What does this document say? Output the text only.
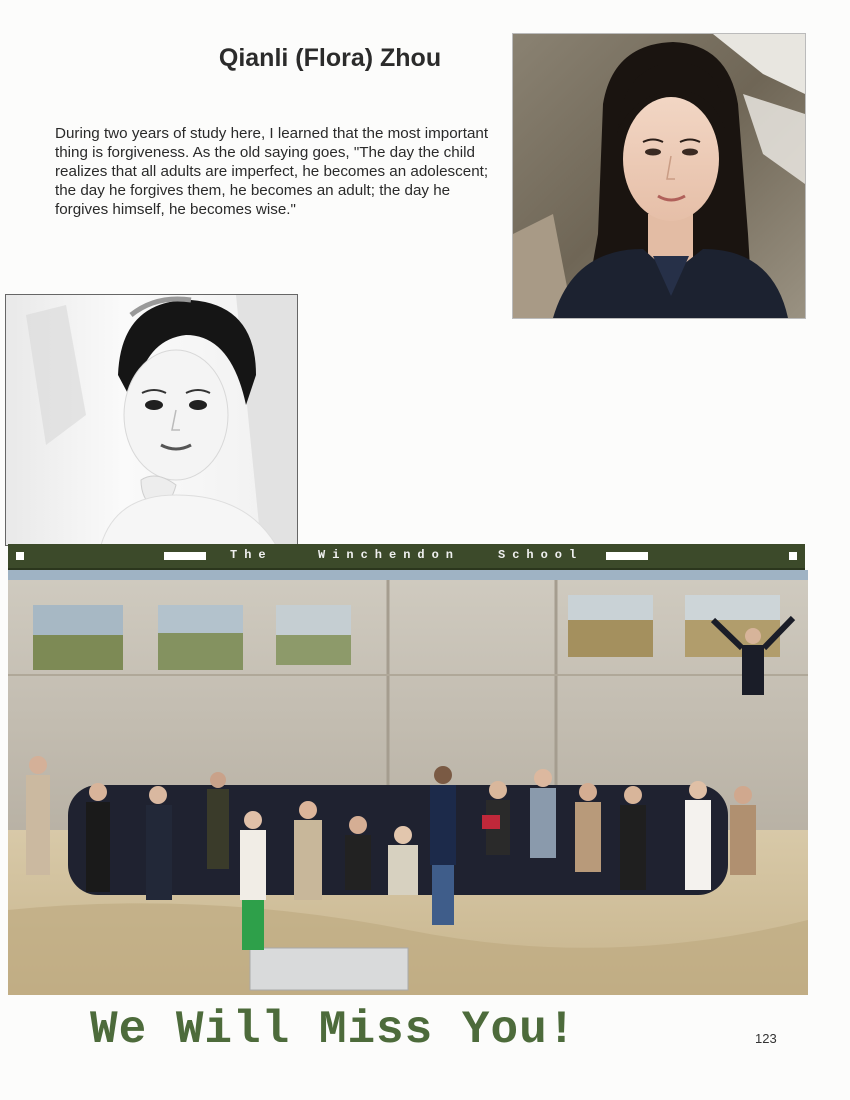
Qianli (Flora) Zhou
During two years of study here, I learned that the most important thing is forgiveness. As the old saying goes, "The day the child realizes that all adults are imperfect, he becomes an adolescent; the day he forgives them, he becomes an adult; the day he forgives himself, he becomes wise."
The	Winchendon	School
We Will Miss You!	123
